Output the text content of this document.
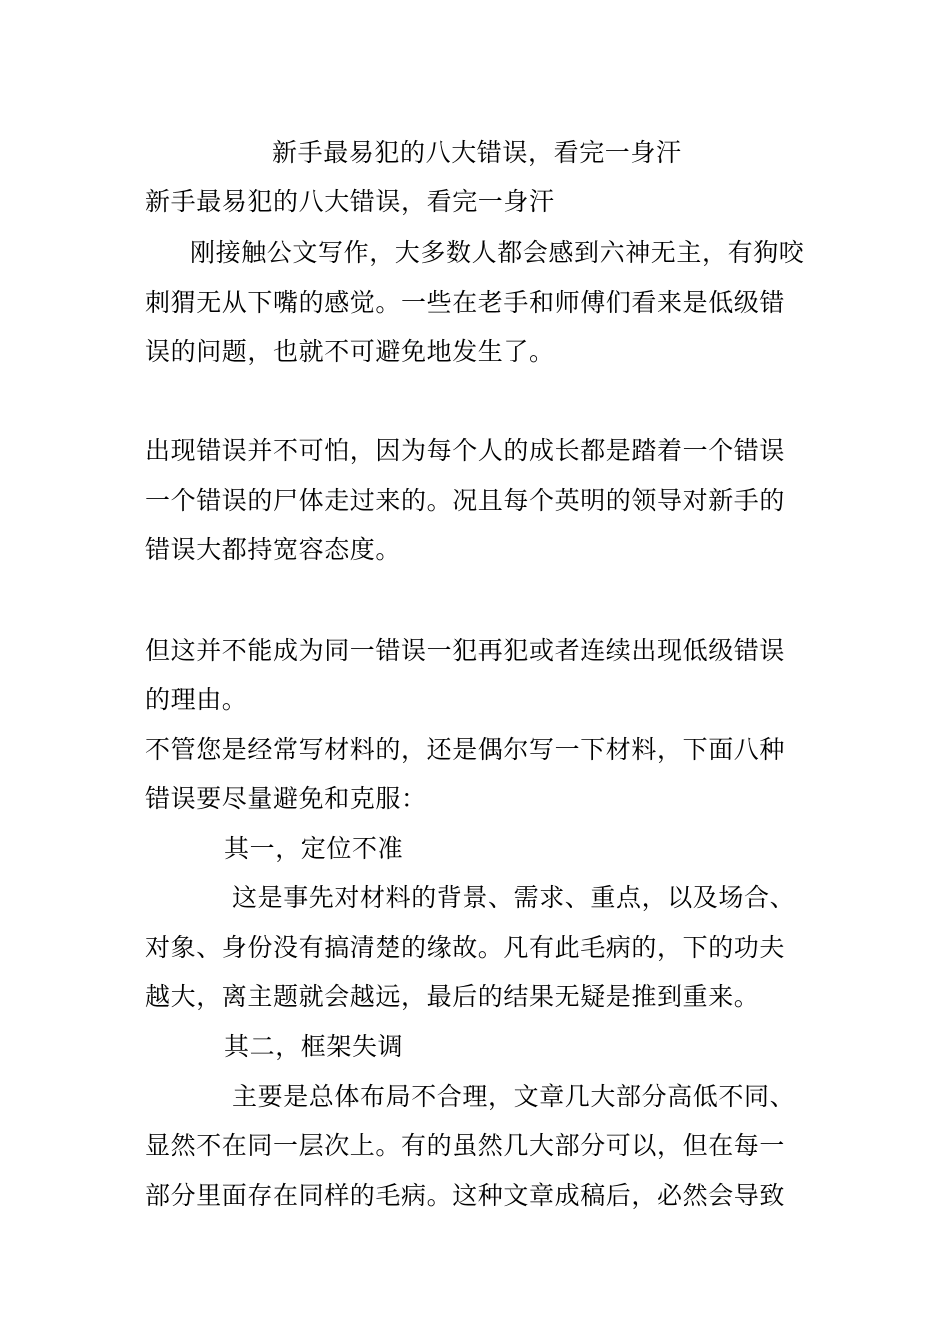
新手最易犯的八大错误，看完一身汗
新手最易犯的八大错误，看完一身汗
刚接触公文写作，大多数人都会感到六神无主，有狗咬
刺猬无从下嘴的感觉。一些在老手和师傅们看来是低级错
误的问题，也就不可避免地发生了。
出现错误并不可怕，因为每个人的成长都是踏着一个错误
一个错误的尸体走过来的。况且每个英明的领导对新手的
错误大都持宽容态度。
但这并不能成为同一错误一犯再犯或者连续出现低级错误
的理由。
不管您是经常写材料的，还是偶尔写一下材料，下面八种
错误要尽量避免和克服：
其一，定位不准
这是事先对材料的背景、需求、重点，以及场合、
对象、身份没有搞清楚的缘故。凡有此毛病的，下的功夫
越大，离主题就会越远，最后的结果无疑是推到重来。
其二，框架失调
主要是总体布局不合理，文章几大部分高低不同、
显然不在同一层次上。有的虽然几大部分可以，但在每一
部分里面存在同样的毛病。这种文章成稿后，必然会导致
